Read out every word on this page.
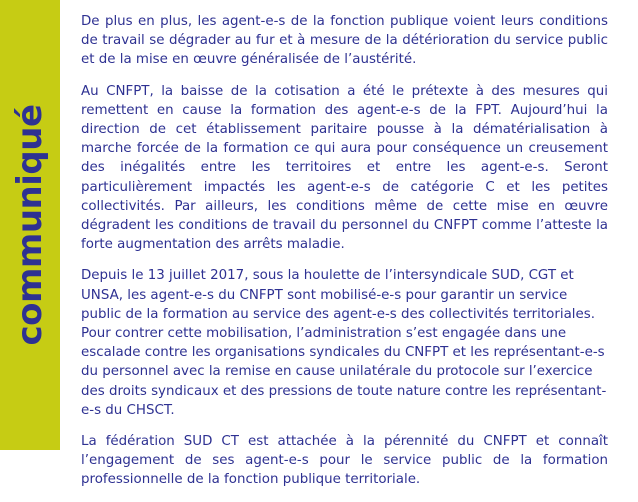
communiqué

De plus en plus, les agent-e-s de la fonction publique voient leurs conditions de travail se dégrader au fur et à mesure de la détérioration du service public et de la mise en œuvre généralisée de l’austérité.

Au CNFPT, la baisse de la cotisation a été le prétexte à des mesures qui remettent en cause la formation des agent-e-s de la FPT. Aujourd’hui la direction de cet établissement paritaire pousse à la dématérialisation à marche forcée de la formation ce qui aura pour conséquence un creusement des inégalités entre les territoires et entre les agent-e-s. Seront particulièrement impactés les agent-e-s de catégorie C et les petites collectivités. Par ailleurs, les conditions même de cette mise en œuvre dégradent les conditions de travail du personnel du CNFPT comme l’atteste la forte augmentation des arrêts maladie.

Depuis le 13 juillet 2017, sous la houlette de l’intersyndicale SUD, CGT et UNSA, les agent-e-s du CNFPT sont mobilisé-e-s pour garantir un service public de la formation au service des agent-e-s des collectivités territoriales. Pour contrer cette mobilisation, l’administration s’est engagée dans une escalade contre les organisations syndicales du CNFPT et les représentant-e-s du personnel avec la remise en cause unilatérale du protocole sur l’exercice des droits syndicaux et des pressions de toute nature contre les représentant-e-s du CHSCT.

La fédération SUD CT est attachée à la pérennité du CNFPT et connaît l’engagement de ses agent-e-s pour le service public de la formation professionnelle de la fonction publique territoriale.
